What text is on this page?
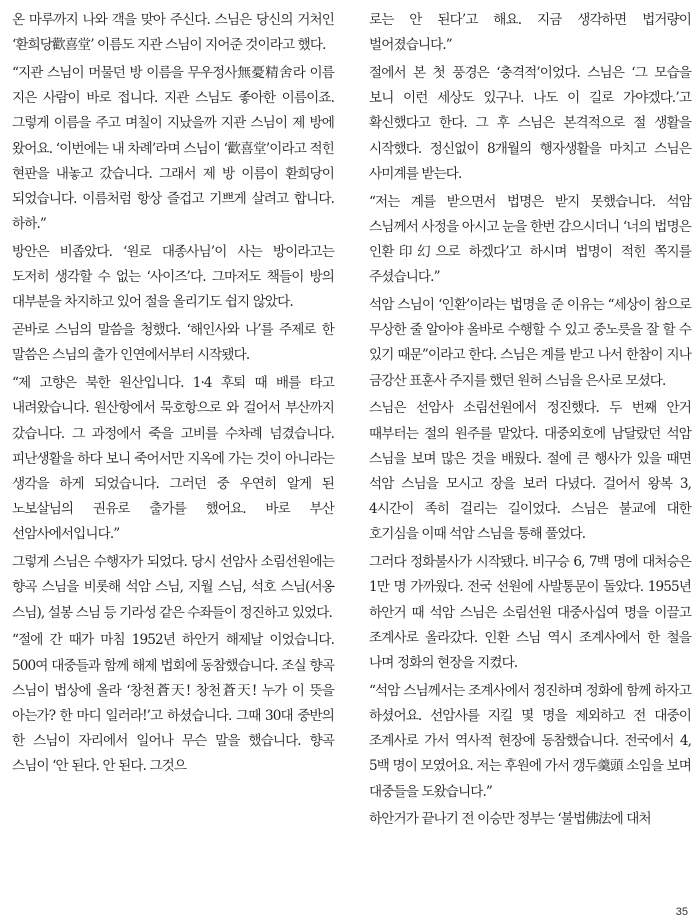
온 마루까지 나와 객을 맞아 주신다. 스님은 당신의 거처인 ‘환희당歡喜堂’ 이름도 지관 스님이 지어준 것이라고 했다.

“지관 스님이 머물던 방 이름을 무우정사無憂精舍라 이름 지은 사람이 바로 접니다. 지관 스님도 좋아한 이름이죠. 그렇게 이름을 주고 며칠이 지났을까 지관 스님이 제 방에 왔어요. ‘이번에는 내 차례’라며 스님이 ‘歡喜堂’이라고 적힌 현판을 내놓고 갔습니다. 그래서 제 방 이름이 환희당이 되었습니다. 이름처럼 항상 즐겁고 기쁘게 살려고 합니다. 하하.”

방안은 비좁았다. ‘원로 대종사님’이 사는 방이라고는 도저히 생각할 수 없는 ‘사이즈’다. 그마저도 책들이 방의 대부분을 차지하고 있어 절을 올리기도 쉽지 않았다.

곧바로 스님의 말씀을 청했다. ‘해인사와 나’를 주제로 한 말씀은 스님의 출가 인연에서부터 시작됐다.

“제 고향은 북한 원산입니다. 1·4 후퇴 때 배를 타고 내려왔습니다. 원산항에서 묵호항으로 와 걸어서 부산까지 갔습니다. 그 과정에서 죽을 고비를 수차례 넘겼습니다. 피난생활을 하다 보니 죽어서만 지옥에 가는 것이 아니라는 생각을 하게 되었습니다. 그러던 중 우연히 알게 된 노보살님의 권유로 출가를 했어요. 바로 부산 선암사에서입니다.”

그렇게 스님은 수행자가 되었다. 당시 선암사 소림선원에는 향곡 스님을 비롯해 석암 스님, 지월 스님, 석호 스님(서옹 스님), 설봉 스님 등 기라성 같은 수좌들이 정진하고 있었다.

“절에 간 때가 마침 1952년 하안거 해제날 이었습니다. 500여 대중들과 함께 해제 법회에 동참했습니다. 조실 향곡 스님이 법상에 올라 ‘창천蒼天! 창천蒼天! 누가 이 뜻을 아는가? 한 마디 일러라!’고 하셨습니다. 그때 30대 중반의 한 스님이 자리에서 일어나 무슨 말을 했습니다. 향곡 스님이 ‘안 된다. 안 된다. 그것으

로는 안 된다’고 해요. 지금 생각하면 법거량이 벌어졌습니다.”

절에서 본 첫 풍경은 ‘충격적’이었다. 스님은 ‘그 모습을 보니 이런 세상도 있구나. 나도 이 길로 가야겠다.’고 확신했다고 한다. 그 후 스님은 본격적으로 절 생활을 시작했다. 정신없이 8개월의 행자생활을 마치고 스님은 사미계를 받는다.

“저는 계를 받으면서 법명은 받지 못했습니다. 석암 스님께서 사정을 아시고 눈을 한번 감으시더니 ‘너의 법명은 인환印幻으로 하겠다’고 하시며 법명이 적힌 쪽지를 주셨습니다.”

석암 스님이 ‘인환’이라는 법명을 준 이유는 “세상이 참으로 무상한 줄 알아야 올바로 수행할 수 있고 중노릇을 잘 할 수 있기 때문”이라고 한다. 스님은 계를 받고 나서 한참이 지나 금강산 표훈사 주지를 했던 원허 스님을 은사로 모셨다.

스님은 선암사 소림선원에서 정진했다. 두 번째 안거 때부터는 절의 원주를 맡았다. 대중외호에 남달랐던 석암 스님을 보며 많은 것을 배웠다. 절에 큰 행사가 있을 때면 석암 스님을 모시고 장을 보러 다녔다. 걸어서 왕복 3, 4시간이 족히 걸리는 길이었다. 스님은 불교에 대한 호기심을 이때 석암 스님을 통해 풀었다.

그러다 정화불사가 시작됐다. 비구승 6, 7백 명에 대처승은 1만 명 가까웠다. 전국 선원에 사발통문이 돌았다. 1955년 하안거 때 석암 스님은 소림선원 대중사십여 명을 이끌고 조계사로 올라갔다. 인환 스님 역시 조계사에서 한 철을 나며 정화의 현장을 지켰다.

“석암 스님께서는 조계사에서 정진하며 정화에 함께 하자고 하셨어요. 선암사를 지킬 몇 명을 제외하고 전 대중이 조계사로 가서 역사적 현장에 동참했습니다. 전국에서 4, 5백 명이 모였어요. 저는 후원에 가서 갱두羹頭 소임을 보며 대중들을 도왔습니다.”

하안거가 끝나기 전 이승만 정부는 ‘불법佛法에 대처

35
